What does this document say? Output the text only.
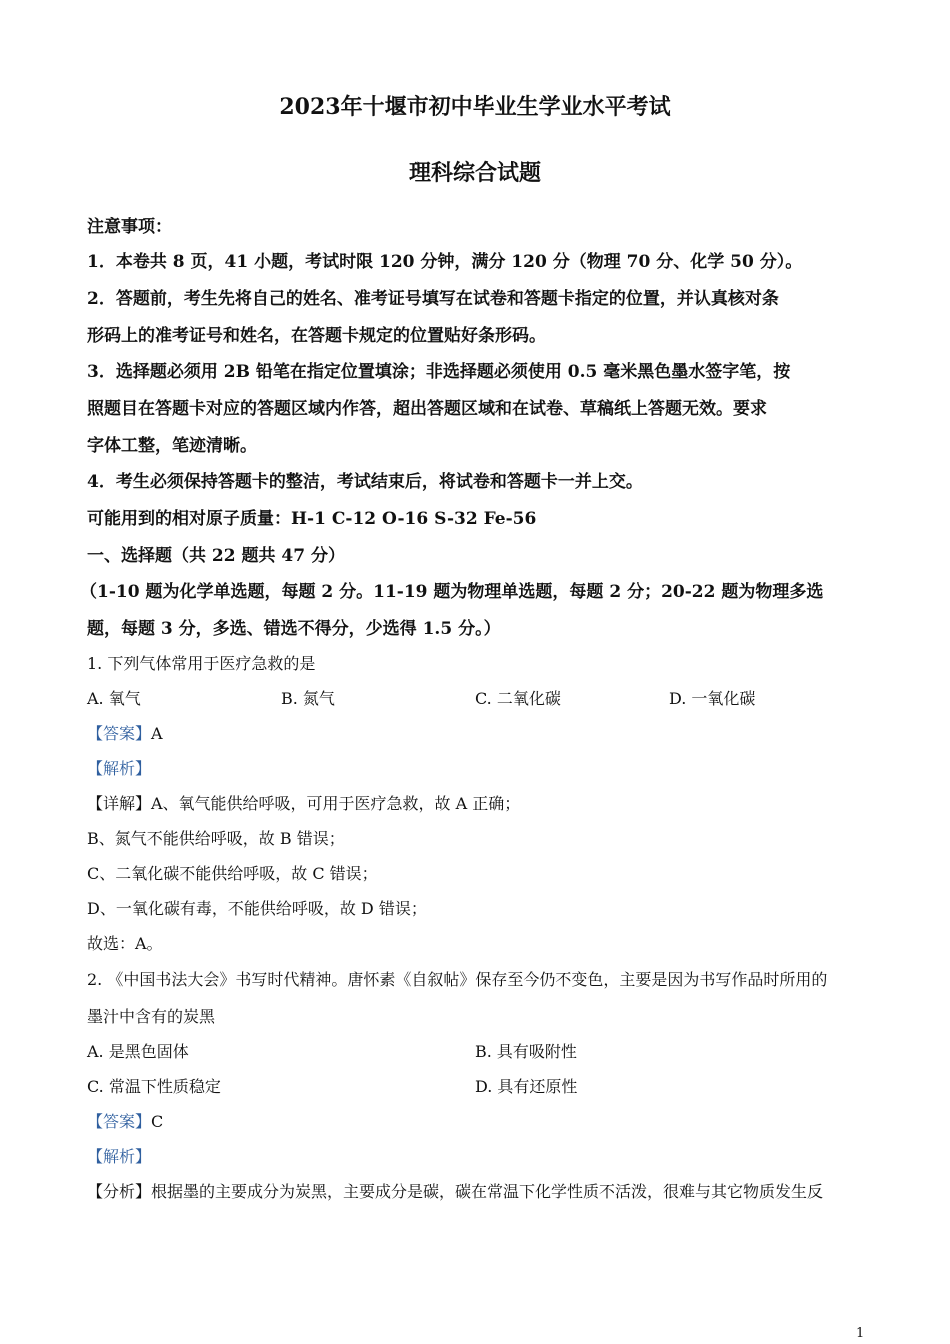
2023年十堰市初中毕业生学业水平考试
理科综合试题
注意事项：
1．本卷共 8 页，41 小题，考试时限 120 分钟，满分 120 分（物理 70 分、化学 50 分）。
2．答题前，考生先将自己的姓名、准考证号填写在试卷和答题卡指定的位置，并认真核对条
形码上的准考证号和姓名，在答题卡规定的位置贴好条形码。
3．选择题必须用 2B 铅笔在指定位置填涂；非选择题必须使用 0.5 毫米黑色墨水签字笔，按
照题目在答题卡对应的答题区域内作答，超出答题区域和在试卷、草稿纸上答题无效。要求
字体工整，笔迹清晰。
4．考生必须保持答题卡的整洁，考试结束后，将试卷和答题卡一并上交。
可能用到的相对原子质量：H-1 C-12 O-16 S-32 Fe-56
一、选择题（共 22 题共 47 分）
（1-10 题为化学单选题，每题 2 分。11-19 题为物理单选题，每题 2 分；20-22 题为物理多选
题，每题 3 分，多选、错选不得分，少选得 1.5 分。）
1. 下列气体常用于医疗急救的是
A. 氧气	B. 氮气	C. 二氧化碳	D. 一氧化碳
【答案】A
【解析】
【详解】A、氧气能供给呼吸，可用于医疗急救，故 A 正确；
B、氮气不能供给呼吸，故 B 错误；
C、二氧化碳不能供给呼吸，故 C 错误；
D、一氧化碳有毒，不能供给呼吸，故 D 错误；
故选：A。
2. 《中国书法大会》书写时代精神。唐怀素《自叙帖》保存至今仍不变色，主要是因为书写作品时所用的
墨汁中含有的炭黑
A. 是黑色固体	B. 具有吸附性
C. 常温下性质稳定	D. 具有还原性
【答案】C
【解析】
【分析】根据墨的主要成分为炭黑，主要成分是碳，碳在常温下化学性质不活泼，很难与其它物质发生反
1
